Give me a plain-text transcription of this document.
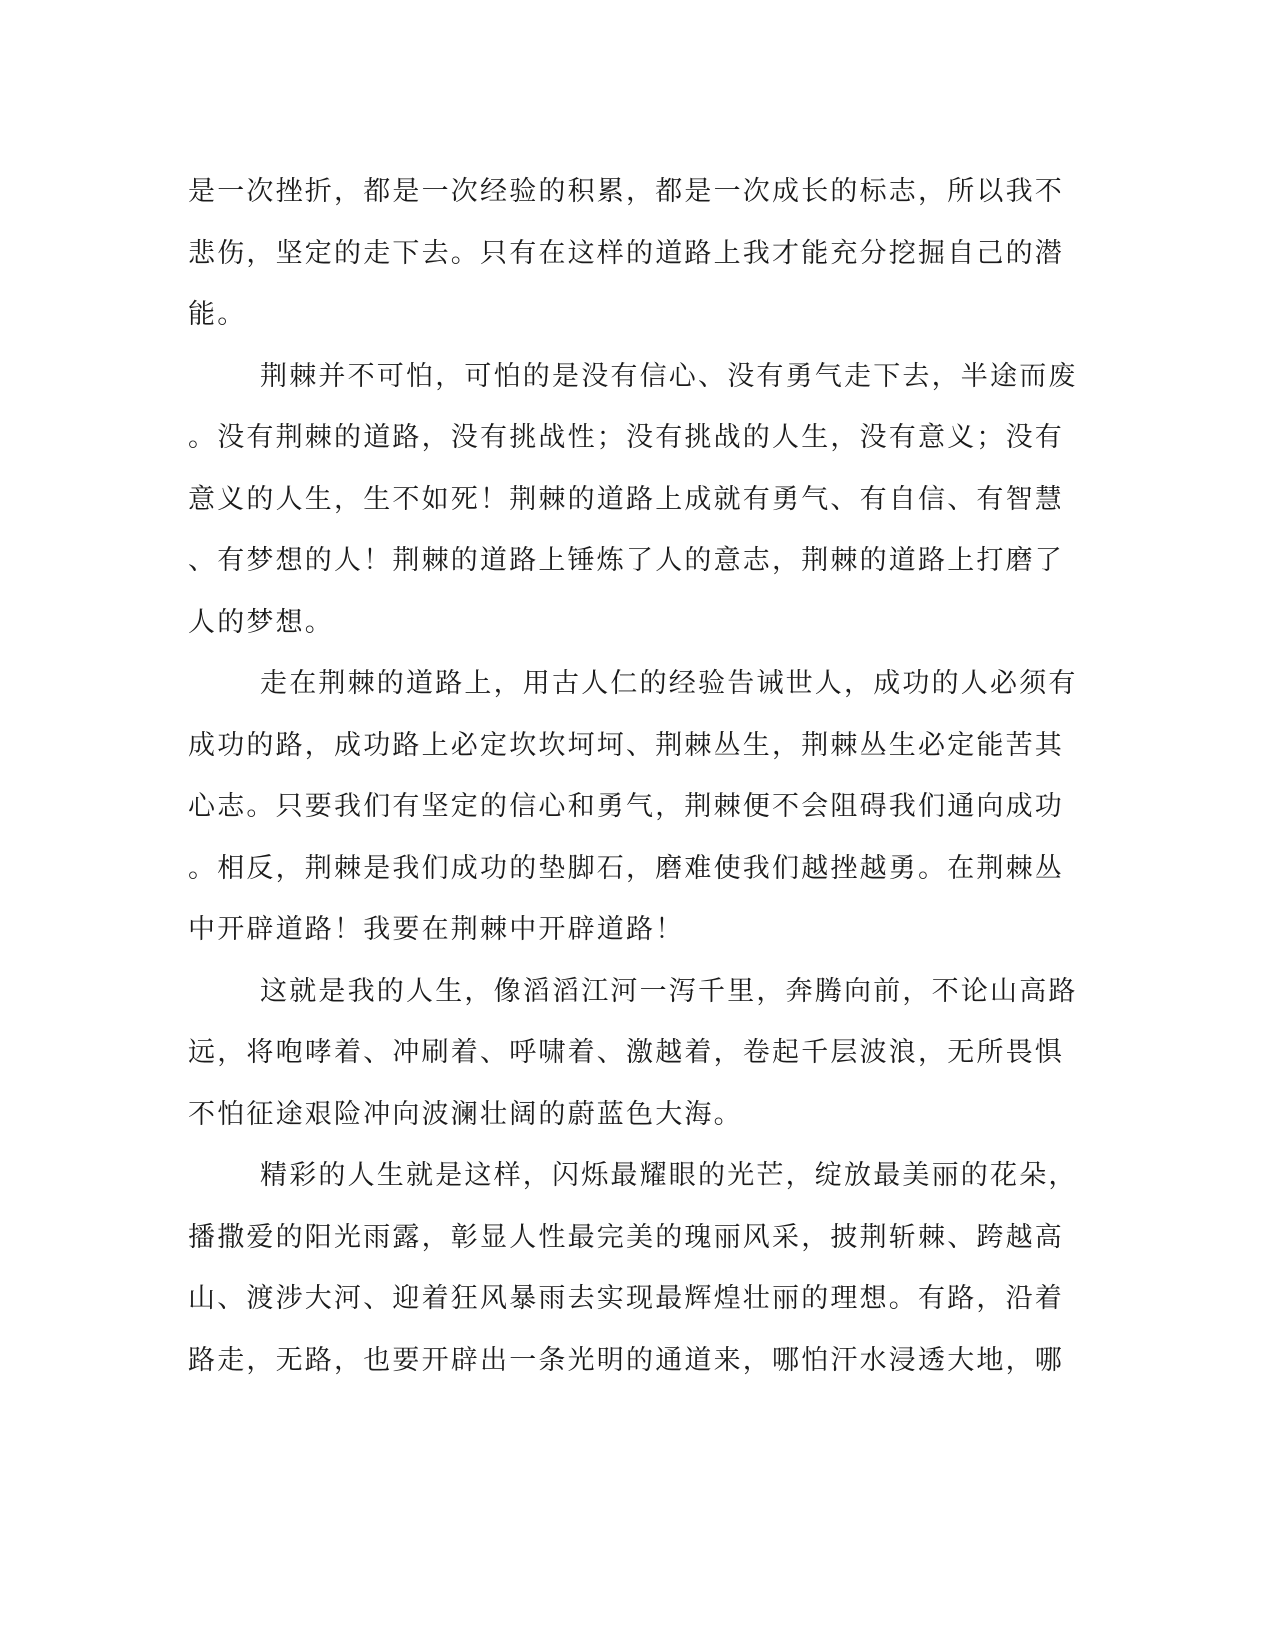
是一次挫折，都是一次经验的积累，都是一次成长的标志，所以我不
悲伤，坚定的走下去。只有在这样的道路上我才能充分挖掘自己的潜
能。
荆棘并不可怕，可怕的是没有信心、没有勇气走下去，半途而废
。没有荆棘的道路，没有挑战性；没有挑战的人生，没有意义；没有
意义的人生，生不如死！荆棘的道路上成就有勇气、有自信、有智慧
、有梦想的人！荆棘的道路上锤炼了人的意志，荆棘的道路上打磨了
人的梦想。
走在荆棘的道路上，用古人仁的经验告诫世人，成功的人必须有
成功的路，成功路上必定坎坎坷坷、荆棘丛生，荆棘丛生必定能苦其
心志。只要我们有坚定的信心和勇气，荆棘便不会阻碍我们通向成功
。相反，荆棘是我们成功的垫脚石，磨难使我们越挫越勇。在荆棘丛
中开辟道路！我要在荆棘中开辟道路！
这就是我的人生，像滔滔江河一泻千里，奔腾向前，不论山高路
远，将咆哮着、冲刷着、呼啸着、激越着，卷起千层波浪，无所畏惧
不怕征途艰险冲向波澜壮阔的蔚蓝色大海。
精彩的人生就是这样，闪烁最耀眼的光芒，绽放最美丽的花朵，
播撒爱的阳光雨露，彰显人性最完美的瑰丽风采，披荆斩棘、跨越高
山、渡涉大河、迎着狂风暴雨去实现最辉煌壮丽的理想。有路，沿着
路走，无路，也要开辟出一条光明的通道来，哪怕汗水浸透大地，哪
